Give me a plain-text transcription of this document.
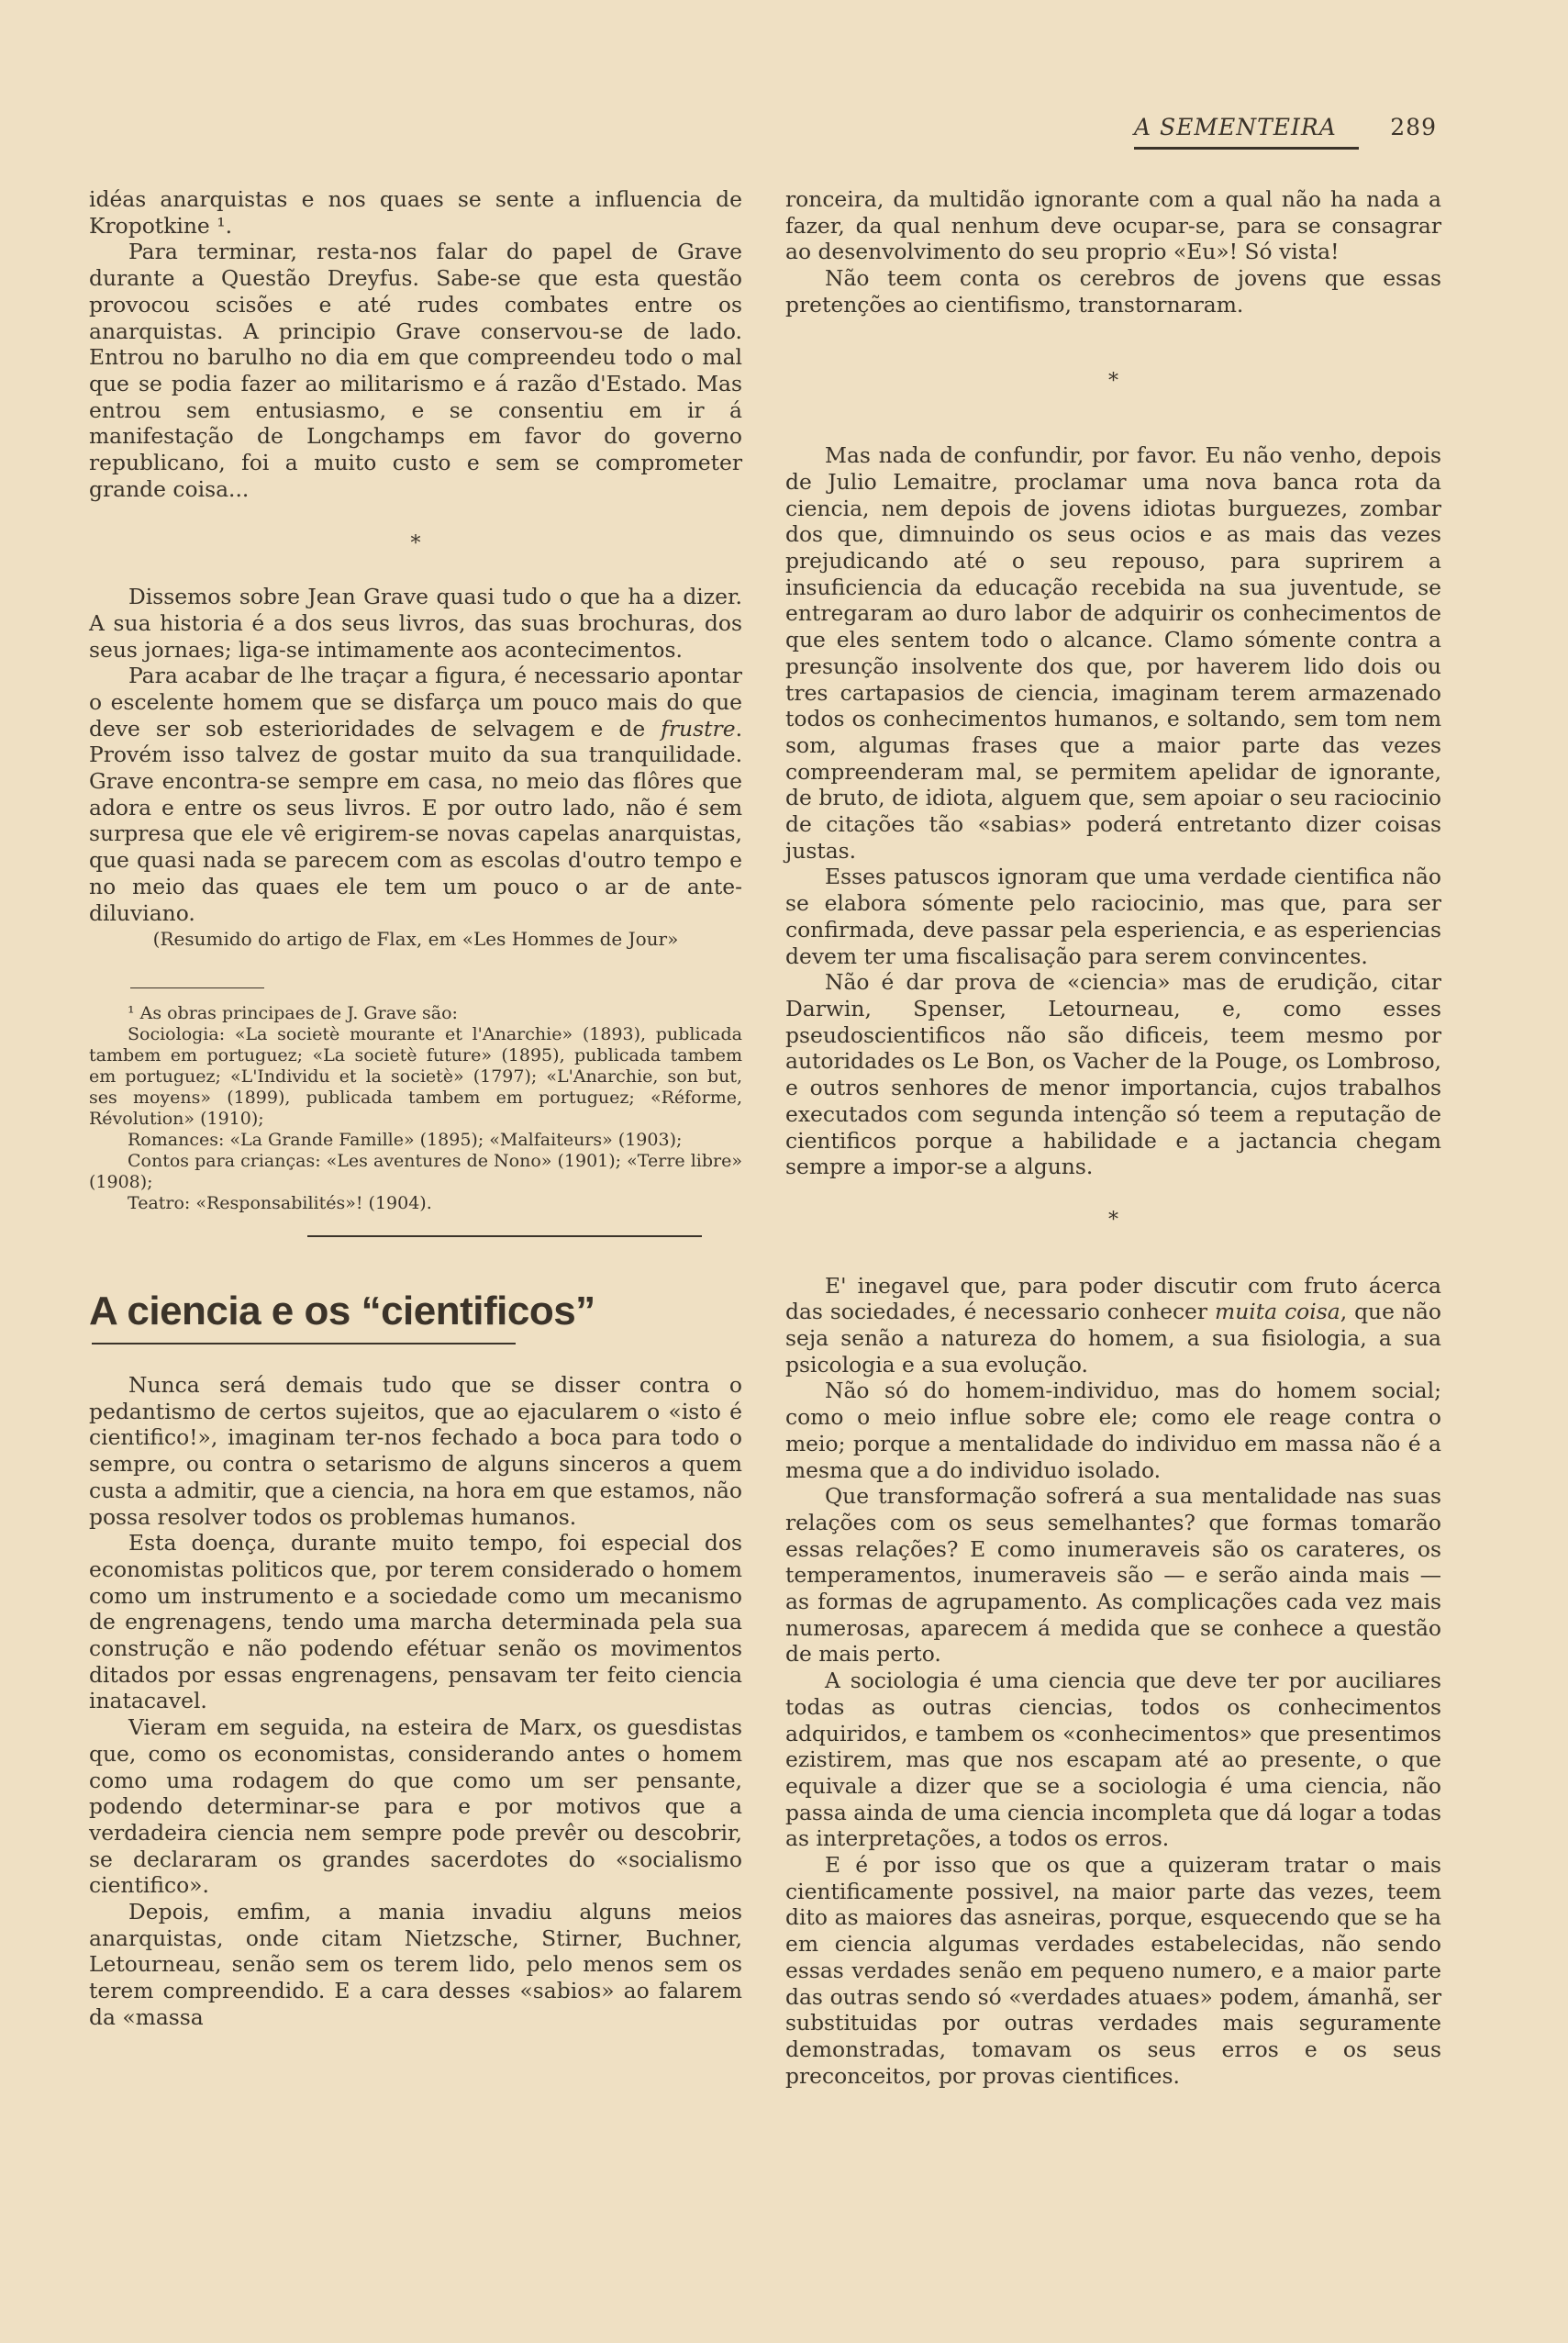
A SEMENTEIRA 289

idéas anarquistas e nos quaes se sente a influencia de Kropotkine ¹.

Para terminar, resta-nos falar do papel de Grave durante a Questão Dreyfus. Sabe-se que esta questão provocou scisões e até rudes combates entre os anarquistas. A principio Grave conservou-se de lado. Entrou no barulho no dia em que compreendeu todo o mal que se podia fazer ao militarismo e á razão d'Estado. Mas entrou sem entusiasmo, e se consentiu em ir á manifestação de Longchamps em favor do governo republicano, foi a muito custo e sem se comprometer grande coisa...

*

Dissemos sobre Jean Grave quasi tudo o que ha a dizer. A sua historia é a dos seus livros, das suas brochuras, dos seus jornaes; liga-se intimamente aos acontecimentos.

Para acabar de lhe traçar a figura, é necessario apontar o escelente homem que se disfarça um pouco mais do que deve ser sob esterioridades de selvagem e de frustre. Provém isso talvez de gostar muito da sua tranquilidade. Grave encontra-se sempre em casa, no meio das flôres que adora e entre os seus livros. E por outro lado, não é sem surpresa que ele vê erigirem-se novas capelas anarquistas, que quasi nada se parecem com as escolas d'outro tempo e no meio das quaes ele tem um pouco o ar de ante-diluviano.

(Resumido do artigo de Flax, em «Les Hommes de Jour»

¹ As obras principaes de J. Grave são:

Sociologia: «La societè mourante et l'Anarchie» (1893), publicada tambem em portuguez; «La societè future» (1895), publicada tambem em portuguez; «L'Individu et la societè» (1797); «L'Anarchie, son but, ses moyens» (1899), publicada tambem em portuguez; «Réforme, Révolution» (1910);

Romances: «La Grande Famille» (1895); «Malfaiteurs» (1903);

Contos para crianças: «Les aventures de Nono» (1901); «Terre libre» (1908);

Teatro: «Responsabilités»! (1904).

A ciencia e os “cientificos”

Nunca será demais tudo que se disser contra o pedantismo de certos sujeitos, que ao ejacularem o «isto é cientifico!», imaginam ter-nos fechado a boca para todo o sempre, ou contra o setarismo de alguns sinceros a quem custa a admitir, que a ciencia, na hora em que estamos, não possa resolver todos os problemas humanos.

Esta doença, durante muito tempo, foi especial dos economistas politicos que, por terem considerado o homem como um instrumento e a sociedade como um mecanismo de engrenagens, tendo uma marcha determinada pela sua construção e não podendo efétuar senão os movimentos ditados por essas engrenagens, pensavam ter feito ciencia inatacavel.

Vieram em seguida, na esteira de Marx, os guesdistas que, como os economistas, considerando antes o homem como uma rodagem do que como um ser pensante, podendo determinar-se para e por motivos que a verdadeira ciencia nem sempre pode prevêr ou descobrir, se declararam os grandes sacerdotes do «socialismo cientifico».

Depois, emfim, a mania invadiu alguns meios anarquistas, onde citam Nietzsche, Stirner, Buchner, Letourneau, senão sem os terem lido, pelo menos sem os terem compreendido. E a cara desses «sabios» ao falarem da «massa

ronceira, da multidão ignorante com a qual não ha nada a fazer, da qual nenhum deve ocupar-se, para se consagrar ao desenvolvimento do seu proprio «Eu»! Só vista!

Não teem conta os cerebros de jovens que essas pretenções ao cientifismo, transtornaram.

*

Mas nada de confundir, por favor. Eu não venho, depois de Julio Lemaitre, proclamar uma nova banca rota da ciencia, nem depois de jovens idiotas burguezes, zombar dos que, dimnuindo os seus ocios e as mais das vezes prejudicando até o seu repouso, para suprirem a insuficiencia da educação recebida na sua juventude, se entregaram ao duro labor de adquirir os conhecimentos de que eles sentem todo o alcance. Clamo sómente contra a presunção insolvente dos que, por haverem lido dois ou tres cartapasios de ciencia, imaginam terem armazenado todos os conhecimentos humanos, e soltando, sem tom nem som, algumas frases que a maior parte das vezes compreenderam mal, se permitem apelidar de ignorante, de bruto, de idiota, alguem que, sem apoiar o seu raciocinio de citações tão «sabias» poderá entretanto dizer coisas justas.

Esses patuscos ignoram que uma verdade cientifica não se elabora sómente pelo raciocinio, mas que, para ser confirmada, deve passar pela esperiencia, e as esperiencias devem ter uma fiscalisação para serem convincentes.

Não é dar prova de «ciencia» mas de erudição, citar Darwin, Spenser, Letourneau, e, como esses pseudoscientificos não são dificeis, teem mesmo por autoridades os Le Bon, os Vacher de la Pouge, os Lombroso, e outros senhores de menor importancia, cujos trabalhos executados com segunda intenção só teem a reputação de cientificos porque a habilidade e a jactancia chegam sempre a impor-se a alguns.

*

E' inegavel que, para poder discutir com fruto ácerca das sociedades, é necessario conhecer muita coisa, que não seja senão a natureza do homem, a sua fisiologia, a sua psicologia e a sua evolução.

Não só do homem-individuo, mas do homem social; como o meio influe sobre ele; como ele reage contra o meio; porque a mentalidade do individuo em massa não é a mesma que a do individuo isolado.

Que transformação sofrerá a sua mentalidade nas suas relações com os seus semelhantes? que formas tomarão essas relações? E como inumeraveis são os carateres, os temperamentos, inumeraveis são — e serão ainda mais — as formas de agrupamento. As complicações cada vez mais numerosas, aparecem á medida que se conhece a questão de mais perto.

A sociologia é uma ciencia que deve ter por auciliares todas as outras ciencias, todos os conhecimentos adquiridos, e tambem os «conhecimentos» que presentimos ezistirem, mas que nos escapam até ao presente, o que equivale a dizer que se a sociologia é uma ciencia, não passa ainda de uma ciencia incompleta que dá logar a todas as interpretações, a todos os erros.

E é por isso que os que a quizeram tratar o mais cientificamente possivel, na maior parte das vezes, teem dito as maiores das asneiras, porque, esquecendo que se ha em ciencia algumas verdades estabelecidas, não sendo essas verdades senão em pequeno numero, e a maior parte das outras sendo só «verdades atuaes» podem, ámanhã, ser substituidas por outras verdades mais seguramente demonstradas, tomavam os seus erros e os seus preconceitos, por provas cientifices.
